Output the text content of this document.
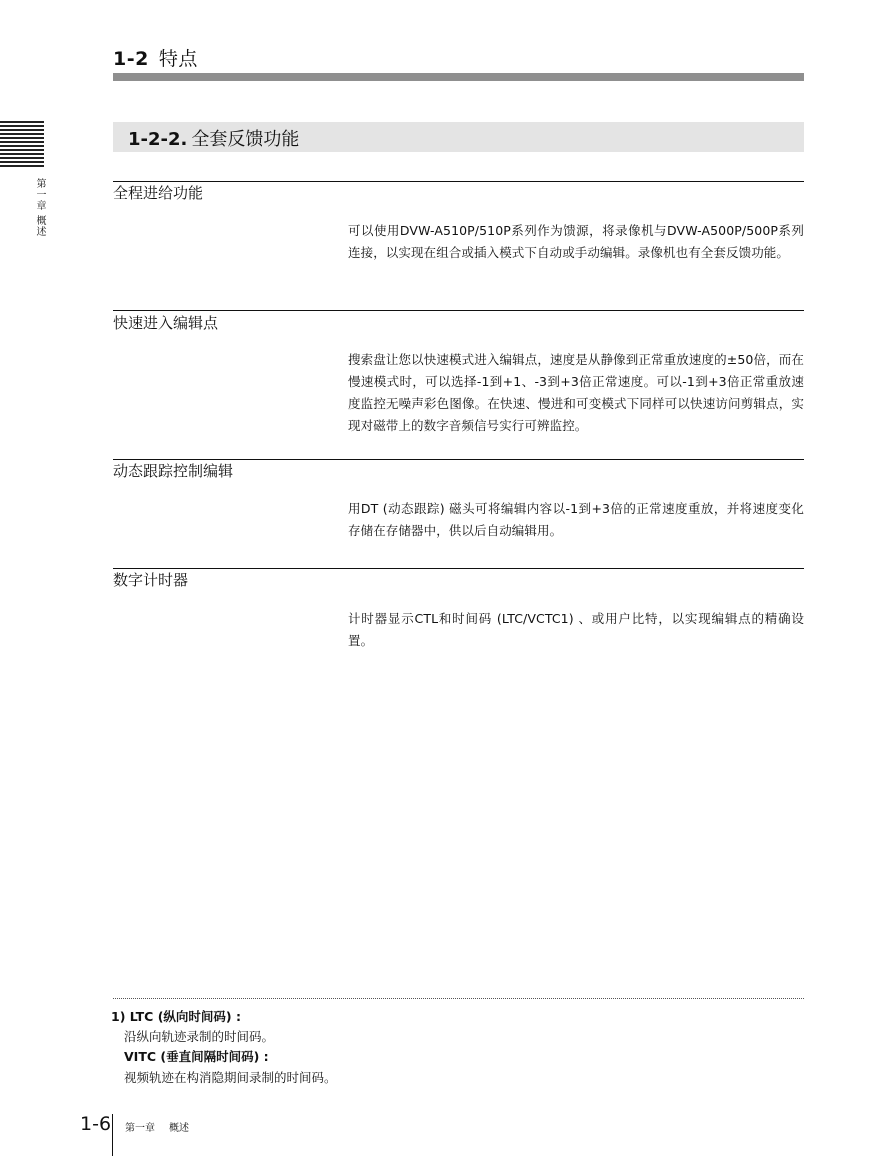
1-2 特点
第一章 概述
1-2-2. 全套反馈功能
全程进给功能
可以使用DVW-A510P/510P系列作为馈源，将录像机与DVW-A500P/500P系列连接，以实现在组合或插入模式下自动或手动编辑。录像机也有全套反馈功能。
快速进入编辑点
搜索盘让您以快速模式进入编辑点，速度是从静像到正常重放速度的±50倍，而在慢速模式时，可以选择-1到+1、-3到+3倍正常速度。可以-1到+3倍正常重放速度监控无噪声彩色图像。在快速、慢进和可变模式下同样可以快速访问剪辑点，实现对磁带上的数字音频信号实行可辨监控。
动态跟踪控制编辑
用DT (动态跟踪) 磁头可将编辑内容以-1到+3倍的正常速度重放，并将速度变化存储在存储器中，供以后自动编辑用。
数字计时器
计时器显示CTL和时间码 (LTC/VCTC1) 、或用户比特，以实现编辑点的精确设置。
1) LTC (纵向时间码) :
沿纵向轨迹录制的时间码。
VITC (垂直间隔时间码) :
视频轨迹在构消隐期间录制的时间码。
1-6 第一章 概述
